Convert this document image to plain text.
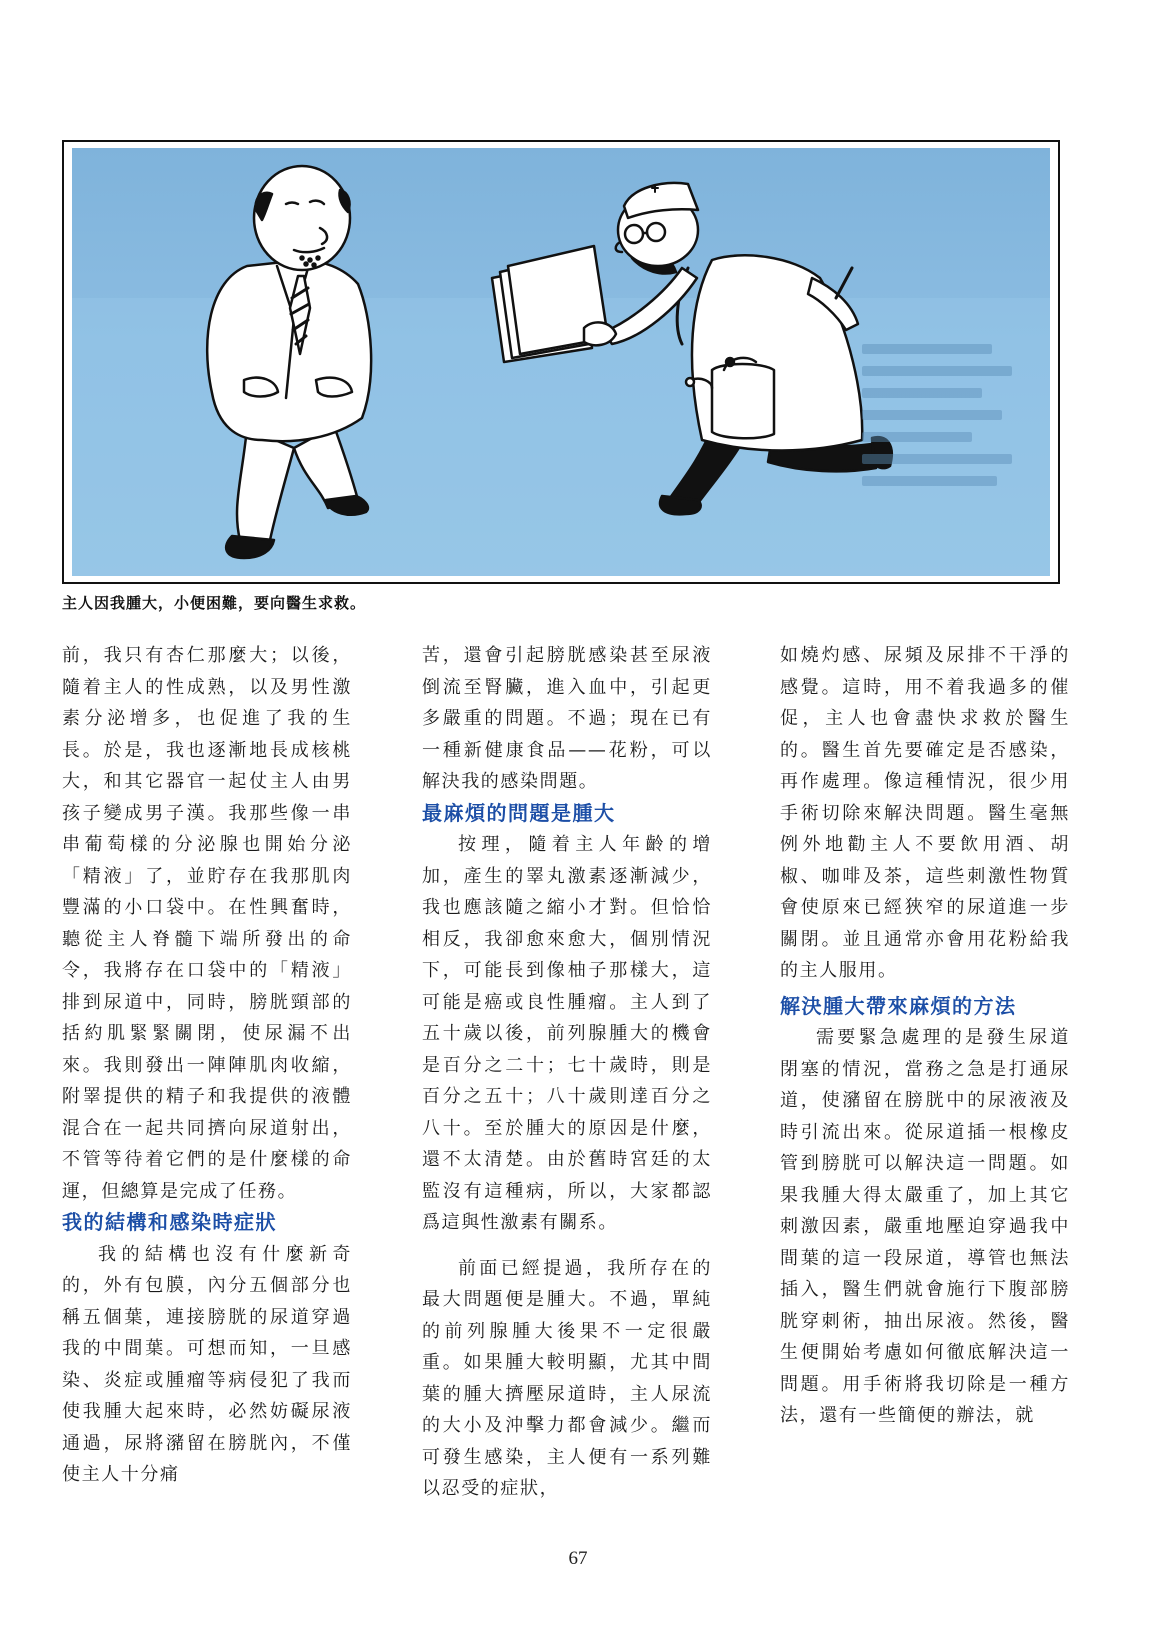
主人因我腫大，小便困難，要向醫生求救。

前，我只有杏仁那麼大；以後，隨着主人的性成熟，以及男性激素分泌增多，也促進了我的生長。於是，我也逐漸地長成核桃大，和其它器官一起仗主人由男孩子變成男子漢。我那些像一串串葡萄樣的分泌腺也開始分泌「精液」了，並貯存在我那肌肉豐滿的小口袋中。在性興奮時，聽從主人脊髓下端所發出的命令，我將存在口袋中的「精液」排到尿道中，同時，膀胱頸部的括約肌緊緊關閉，使尿漏不出來。我則發出一陣陣肌肉收縮，附睪提供的精子和我提供的液體混合在一起共同擠向尿道射出，不管等待着它們的是什麼樣的命運，但總算是完成了任務。

我的結構和感染時症狀

我的結構也沒有什麼新奇的，外有包膜，內分五個部分也稱五個葉，連接膀胱的尿道穿過我的中間葉。可想而知，一旦感染、炎症或腫瘤等病侵犯了我而使我腫大起來時，必然妨礙尿液通過，尿將瀦留在膀胱內，不僅使主人十分痛

苦，還會引起膀胱感染甚至尿液倒流至腎臟，進入血中，引起更多嚴重的問題。不過；現在已有一種新健康食品——花粉，可以解決我的感染問題。

最麻煩的問題是腫大

按理，隨着主人年齡的增加，產生的睪丸激素逐漸減少，我也應該隨之縮小才對。但恰恰相反，我卻愈來愈大，個別情況下，可能長到像柚子那樣大，這可能是癌或良性腫瘤。主人到了五十歲以後，前列腺腫大的機會是百分之二十；七十歲時，則是百分之五十；八十歲則達百分之八十。至於腫大的原因是什麼，還不太清楚。由於舊時宮廷的太監沒有這種病，所以，大家都認爲這與性激素有關系。

前面已經提過，我所存在的最大問題便是腫大。不過，單純的前列腺腫大後果不一定很嚴重。如果腫大較明顯，尤其中間葉的腫大擠壓尿道時，主人尿流的大小及沖擊力都會減少。繼而可發生感染，主人便有一系列難以忍受的症狀，

如燒灼感、尿頻及尿排不干淨的感覺。這時，用不着我過多的催促，主人也會盡快求救於醫生的。醫生首先要確定是否感染，再作處理。像這種情況，很少用手術切除來解決問題。醫生毫無例外地勸主人不要飲用酒、胡椒、咖啡及茶，這些刺激性物質會使原來已經狹窄的尿道進一步關閉。並且通常亦會用花粉給我的主人服用。

解決腫大帶來麻煩的方法

需要緊急處理的是發生尿道閉塞的情況，當務之急是打通尿道，使瀦留在膀胱中的尿液液及時引流出來。從尿道插一根橡皮管到膀胱可以解決這一問題。如果我腫大得太嚴重了，加上其它刺激因素，嚴重地壓迫穿過我中間葉的這一段尿道，導管也無法插入，醫生們就會施行下腹部膀胱穿刺術，抽出尿液。然後，醫生便開始考慮如何徹底解決這一問題。用手術將我切除是一種方法，還有一些簡便的辦法，就

67
